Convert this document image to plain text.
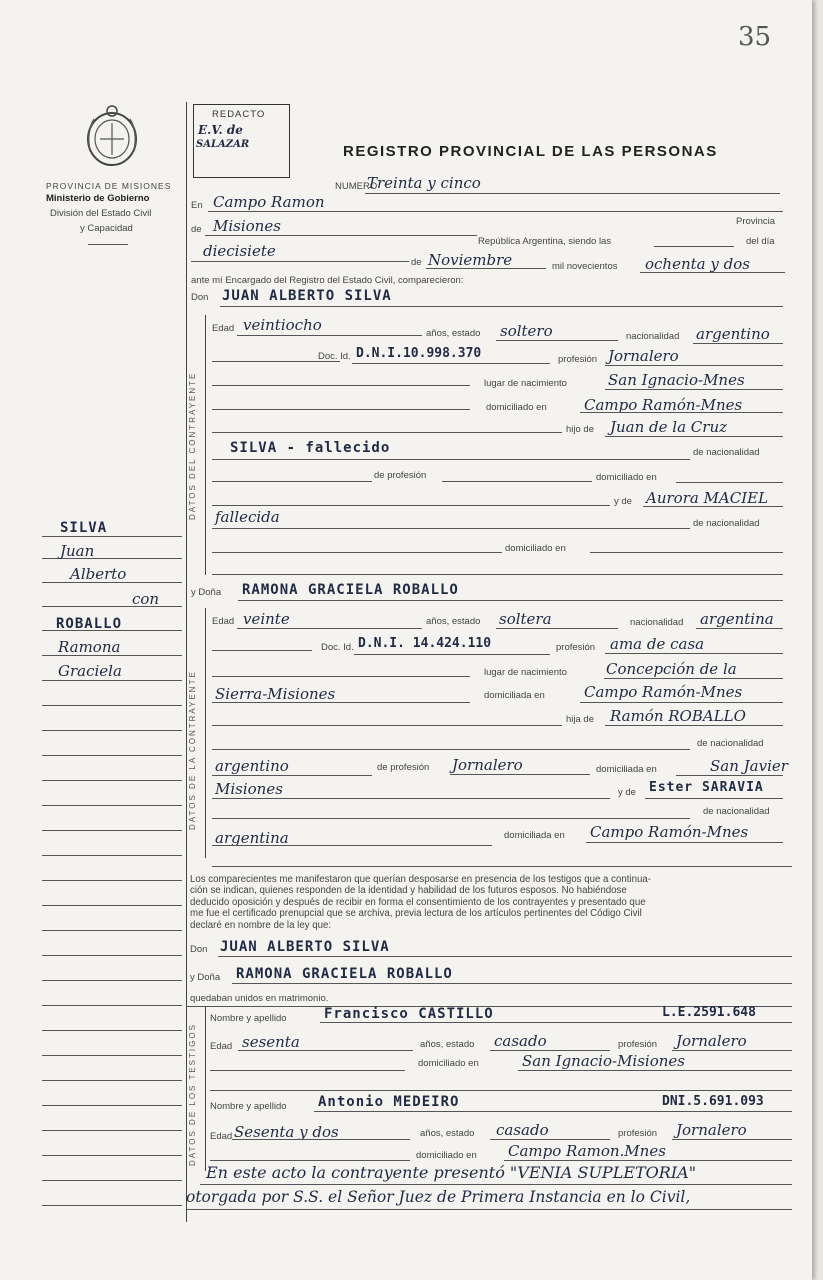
35
PROVINCIA DE MISIONES
Ministerio de Gobierno
División del Estado Civil
y Capacidad
SILVA
Juan
Alberto
con
ROBALLO
Ramona
Graciela
REDACTO
E.V. de
SALAZAR	REGISTRO PROVINCIAL DE LAS PERSONAS
NUMERO
Treinta y cinco
En Campo Ramon
Provincia
de Misiones
República Argentina, siendo las	del día
diecisiete
de Noviembre	mil novecientos ochenta y dos
ante mí Encargado del Registro del Estado Civil, comparecieron:
Don JUAN ALBERTO SILVA
DATOS DEL CONTRAYENTE
Edad veintiocho	años, estado soltero	nacionalidad argentino
Doc. Id. D.N.I.10.998.370	profesión Jornalero
lugar de nacimiento	San Ignacio-Mnes
domiciliado en Campo Ramón-Mnes
hijo de Juan de la Cruz
SILVA - fallecido	de nacionalidad
de profesión	domiciliado en
y de Aurora MACIEL
fallecida	de nacionalidad
domiciliado en
y Doña RAMONA GRACIELA ROBALLO
DATOS DE LA CONTRAYENTE
Edad veinte	años, estado soltera	nacionalidad argentina
Doc. Id. D.N.I. 14.424.110	profesión ama de casa
lugar de nacimiento	Concepción de la
Sierra-Misiones	domiciliada en	Campo Ramón-Mnes
hija de Ramón ROBALLO
de nacionalidad
argentino	de profesión Jornalero	domiciliada en	San Javier
Misiones	y de Ester SARAVIA
de nacionalidad
argentina	domiciliada en Campo Ramón-Mnes
Los comparecientes me manifestaron que querían desposarse en presencia de los testigos que a continua-
ción se indican, quienes responden de la identidad y habilidad de los futuros esposos. No habiéndose
deducido oposición y después de recibir en forma el consentimiento de los contrayentes y presentado que
me fue el certificado prenupcial que se archiva, previa lectura de los artículos pertinentes del Código Civil
declaré en nombre de la ley que:
Don JUAN ALBERTO SILVA
y Doña RAMONA GRACIELA ROBALLO
quedaban unidos en matrimonio.
DATOS DE LOS TESTIGOS
Nombre y apellido	Francisco CASTILLO	L.E.2591.648
Edad sesenta	años, estado casado	profesión Jornalero
domiciliado en	San Ignacio-Misiones
Nombre y apellido Antonio MEDEIRO	DNI.5.691.093
Edad Sesenta y dos	años, estado casado	profesión Jornalero
domiciliado en Campo Ramon.Mnes
En este acto la contrayente presentó "VENIA SUPLETORIA"
otorgada por S.S. el Señor Juez de Primera Instancia en lo Civil,
